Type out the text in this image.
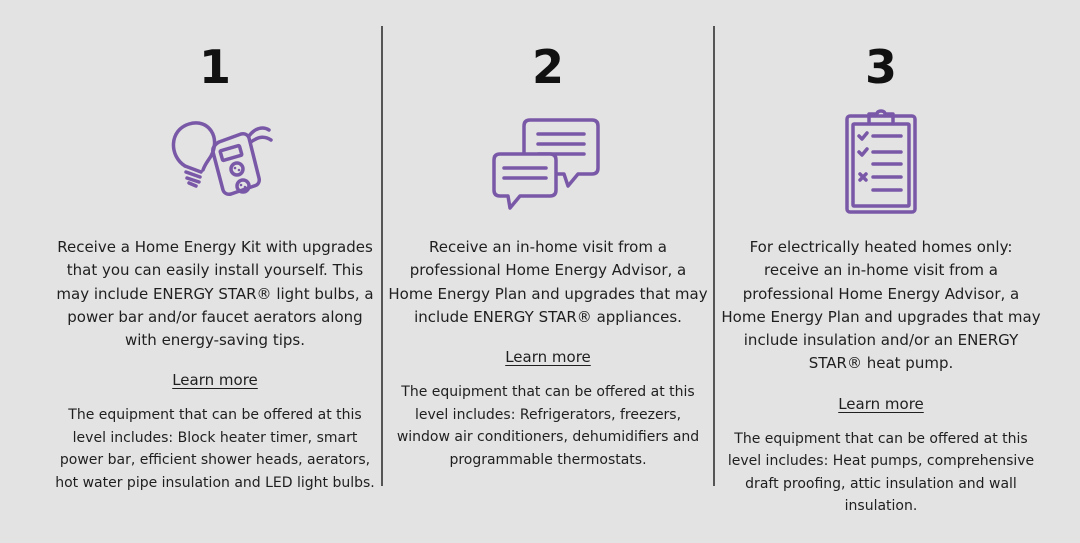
1

Receive a Home Energy Kit with upgrades that you can easily install yourself. This may include ENERGY STAR® light bulbs, a power bar and/or faucet aerators along with energy-saving tips.

Learn more

The equipment that can be offered at this level includes: Block heater timer, smart power bar, efficient shower heads, aerators, hot water pipe insulation and LED light bulbs.

2

Receive an in-home visit from a professional Home Energy Advisor, a Home Energy Plan and upgrades that may include ENERGY STAR® appliances.

Learn more

The equipment that can be offered at this level includes: Refrigerators, freezers, window air conditioners, dehumidifiers and programmable thermostats.

3

For electrically heated homes only: receive an in-home visit from a professional Home Energy Advisor, a Home Energy Plan and upgrades that may include insulation and/or an ENERGY STAR® heat pump.

Learn more

The equipment that can be offered at this level includes: Heat pumps, comprehensive draft proofing, attic insulation and wall insulation.
